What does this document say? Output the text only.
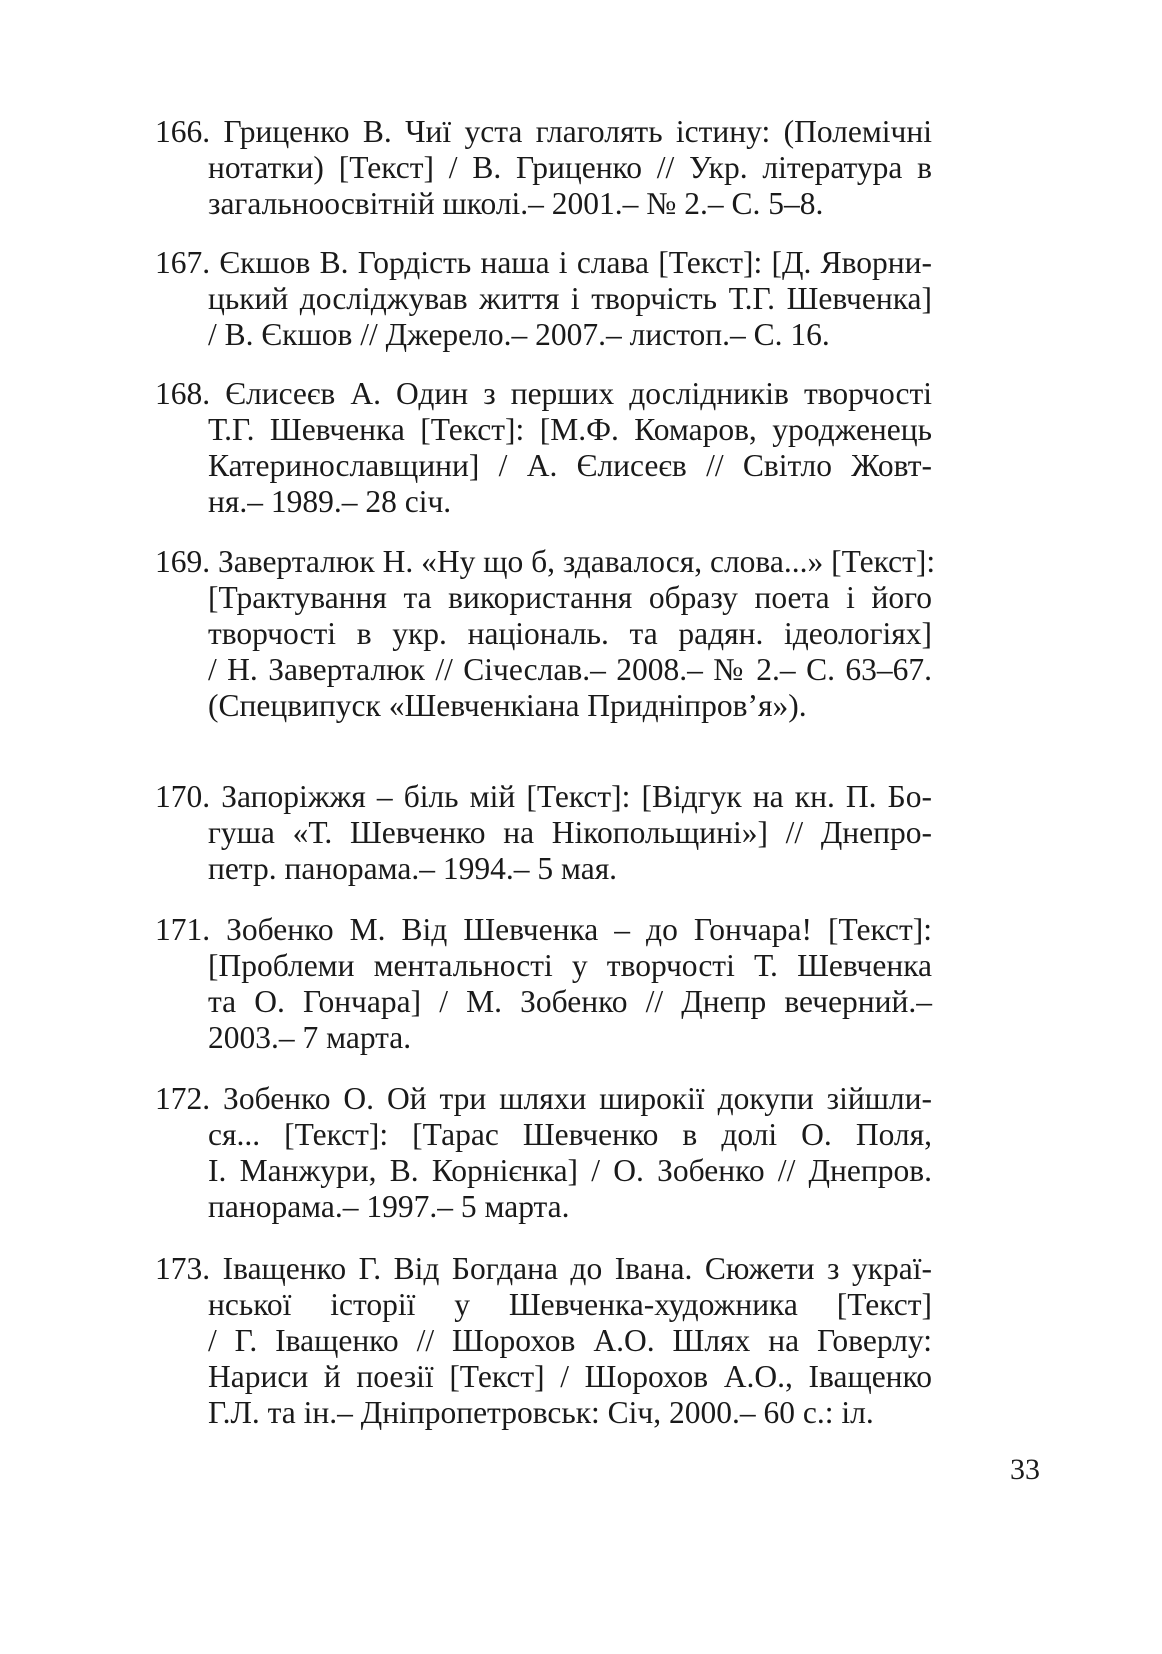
166. Гриценко В. Чиї уста глаголять істину: (Полемічні
нотатки) [Текст] / В. Гриценко // Укр. література в
загальноосвітній школі.– 2001.– № 2.– С. 5–8.
167. Єкшов В. Гордість наша і слава [Текст]: [Д. Яворни-
цький досліджував життя і творчість Т.Г. Шевченка]
/ В. Єкшов // Джерело.– 2007.– листоп.– С. 16.
168. Єлисеєв А. Один з перших дослідників творчості
Т.Г. Шевченка [Текст]: [М.Ф. Комаров, уродженець
Катеринославщини] / А. Єлисеєв // Світло Жовт-
ня.– 1989.– 28 січ.
169. Заверталюк Н. «Ну що б, здавалося, слова...» [Текст]:
[Трактування та використання образу поета і його
творчості в укр. національ. та радян. ідеологіях]
/ Н. Заверталюк // Січеслав.– 2008.– № 2.– С. 63–67.
(Спецвипуск «Шевченкіана Придніпров’я»).
170. Запоріжжя – біль мій [Текст]: [Відгук на кн. П. Бо-
гуша «Т. Шевченко на Нікопольщині»] // Днепро-
петр. панорама.– 1994.– 5 мая.
171. Зобенко М. Від Шевченка – до Гончара! [Текст]:
[Проблеми ментальності у творчості Т. Шевченка
та О. Гончара] / М. Зобенко // Днепр вечерний.–
2003.– 7 марта.
172. Зобенко О. Ой три шляхи широкії докупи зійшли-
ся... [Текст]: [Тарас Шевченко в долі О. Поля,
І. Манжури, В. Корнієнка] / О. Зобенко // Днепров.
панорама.– 1997.– 5 марта.
173. Іващенко Г. Від Богдана до Івана. Сюжети з украї-
нської історії у Шевченка-художника [Текст]
/ Г. Іващенко // Шорохов А.О. Шлях на Говерлу:
Нариси й поезії [Текст] / Шорохов А.О., Іващенко
Г.Л. та ін.– Дніпропетровськ: Січ, 2000.– 60 с.: іл.
33
